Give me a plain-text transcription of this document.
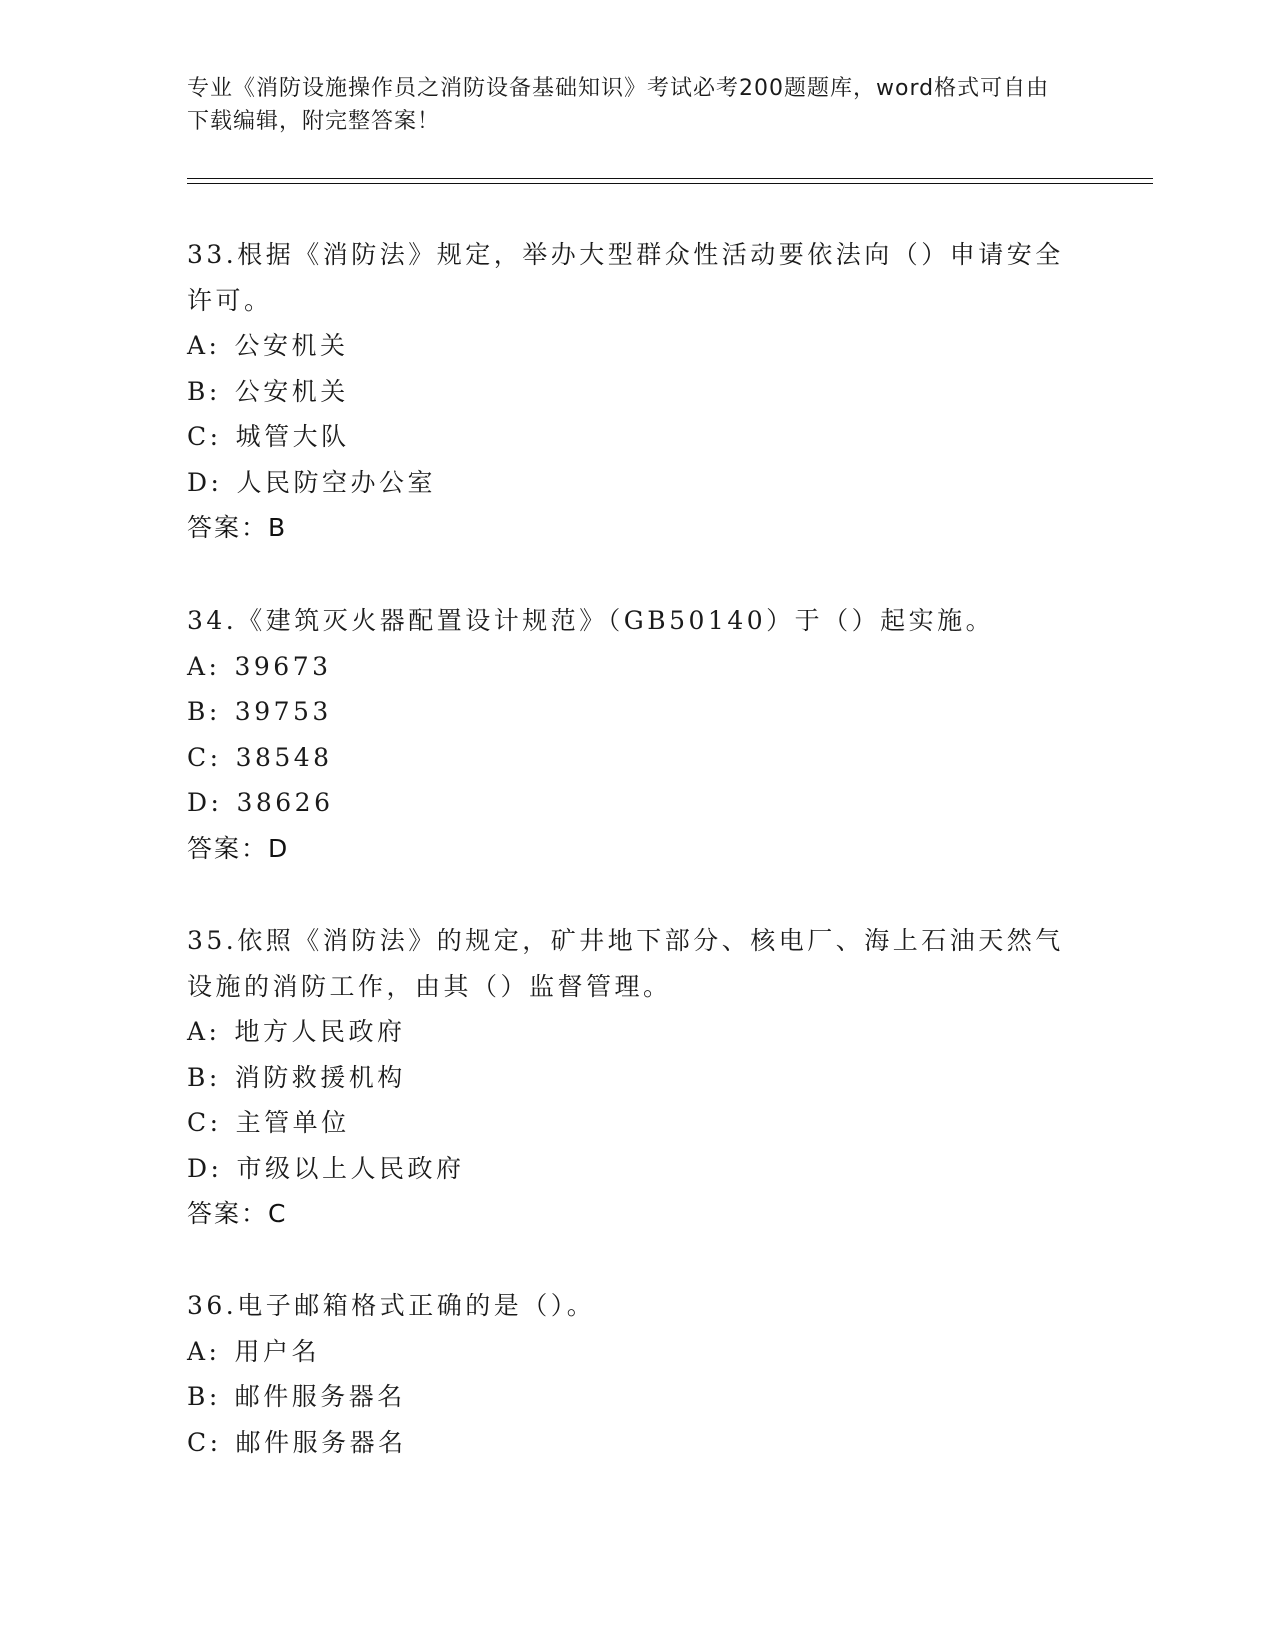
专业《消防设施操作员之消防设备基础知识》考试必考200题题库，word格式可自由下载编辑，附完整答案！

33.根据《消防法》规定，举办大型群众性活动要依法向（）申请安全许可。

A: 公安机关
B: 公安机关
C: 城管大队
D: 人民防空办公室

答案：B

34.《建筑灭火器配置设计规范》（GB50140）于（）起实施。

A: 39673
B: 39753
C: 38548
D: 38626

答案：D

35.依照《消防法》的规定，矿井地下部分、核电厂、海上石油天然气设施的消防工作，由其（）监督管理。

A: 地方人民政府
B: 消防救援机构
C: 主管单位
D: 市级以上人民政府

答案：C

36.电子邮箱格式正确的是（）。

A: 用户名
B: 邮件服务器名
C: 邮件服务器名
